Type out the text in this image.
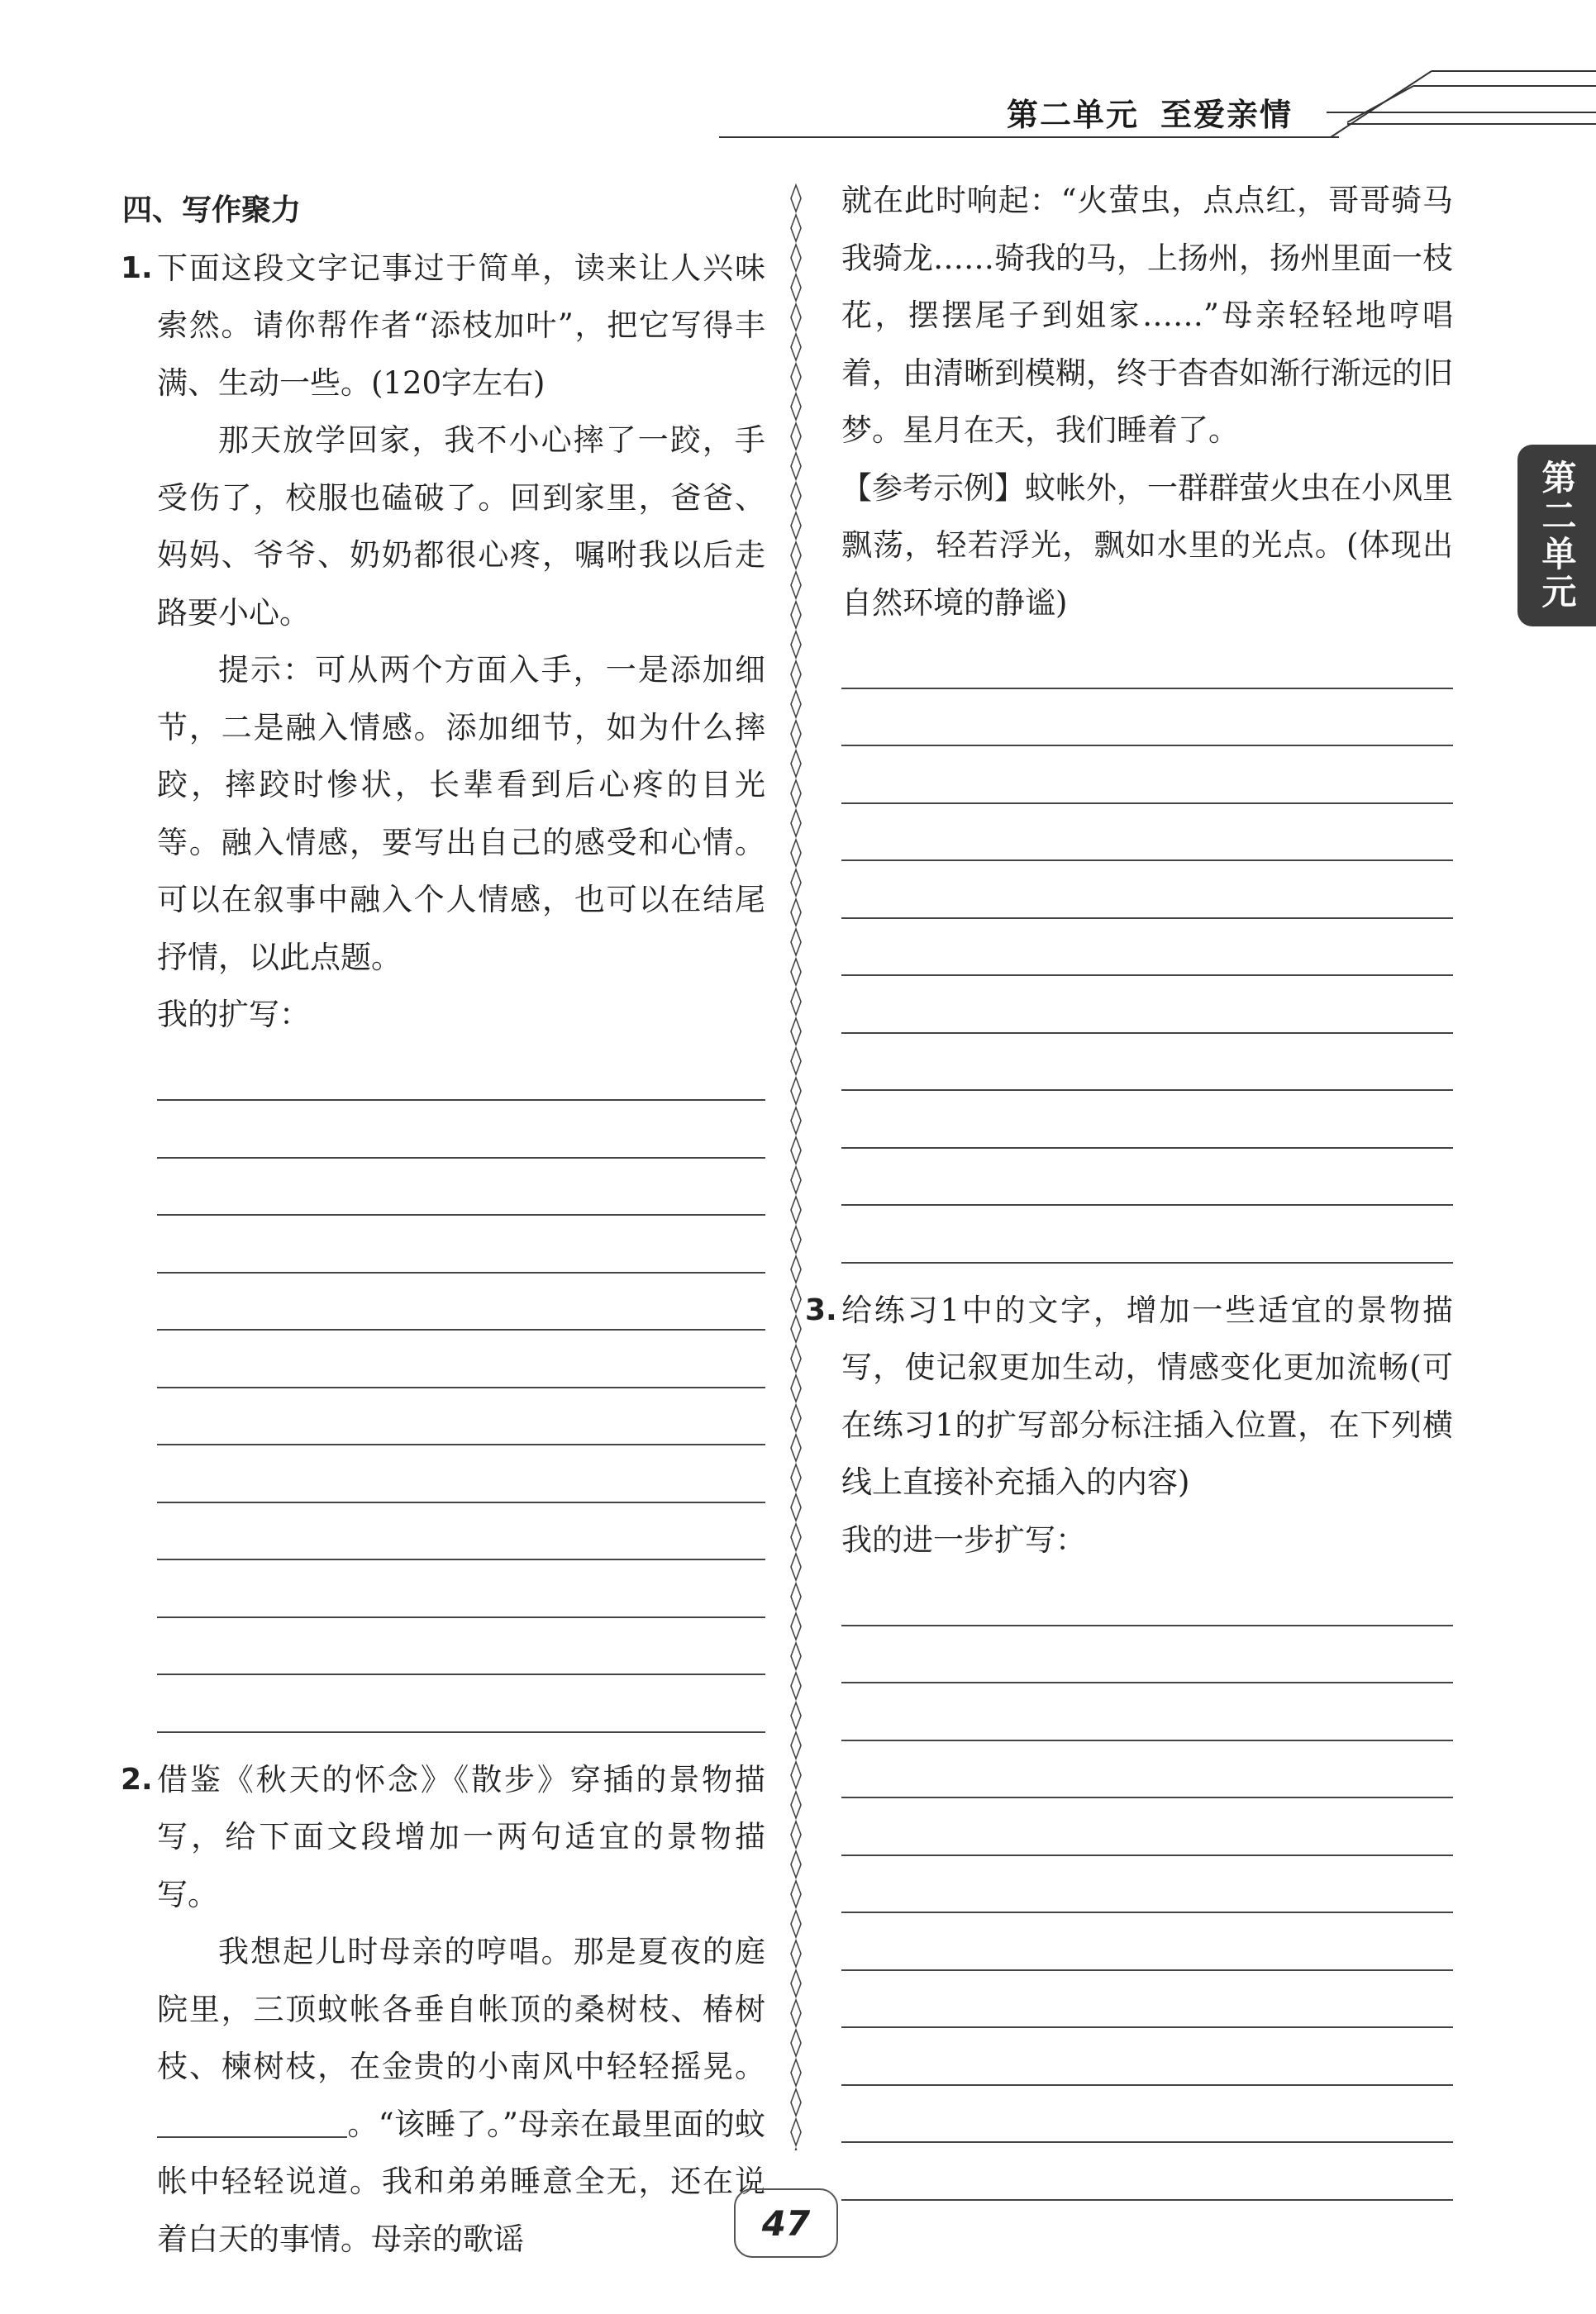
第二单元 至爱亲情
第二单元

四、写作聚力

1. 下面这段文字记事过于简单，读来让人兴味索然。请你帮作者“添枝加叶”，把它写得丰满、生动一些。(120字左右)

那天放学回家，我不小心摔了一跤，手受伤了，校服也磕破了。回到家里，爸爸、妈妈、爷爷、奶奶都很心疼，嘱咐我以后走路要小心。

提示：可从两个方面入手，一是添加细节，二是融入情感。添加细节，如为什么摔跤，摔跤时惨状，长辈看到后心疼的目光等。融入情感，要写出自己的感受和心情。可以在叙事中融入个人情感，也可以在结尾抒情，以此点题。

我的扩写：

2. 借鉴《秋天的怀念》《散步》穿插的景物描写，给下面文段增加一两句适宜的景物描写。

我想起儿时母亲的哼唱。那是夏夜的庭院里，三顶蚊帐各垂自帐顶的桑树枝、椿树枝、楝树枝，在金贵的小南风中轻轻摇晃。。“该睡了。”母亲在最里面的蚊帐中轻轻说道。我和弟弟睡意全无，还在说着白天的事情。母亲的歌谣

就在此时响起：“火萤虫，点点红，哥哥骑马我骑龙……骑我的马，上扬州，扬州里面一枝花，摆摆尾子到姐家……”母亲轻轻地哼唱着，由清晰到模糊，终于杳杳如渐行渐远的旧梦。星月在天，我们睡着了。

【参考示例】蚊帐外，一群群萤火虫在小风里飘荡，轻若浮光，飘如水里的光点。(体现出自然环境的静谧)

3. 给练习1中的文字，增加一些适宜的景物描写，使记叙更加生动，情感变化更加流畅(可在练习1的扩写部分标注插入位置，在下列横线上直接补充插入的内容)

我的进一步扩写：

47
